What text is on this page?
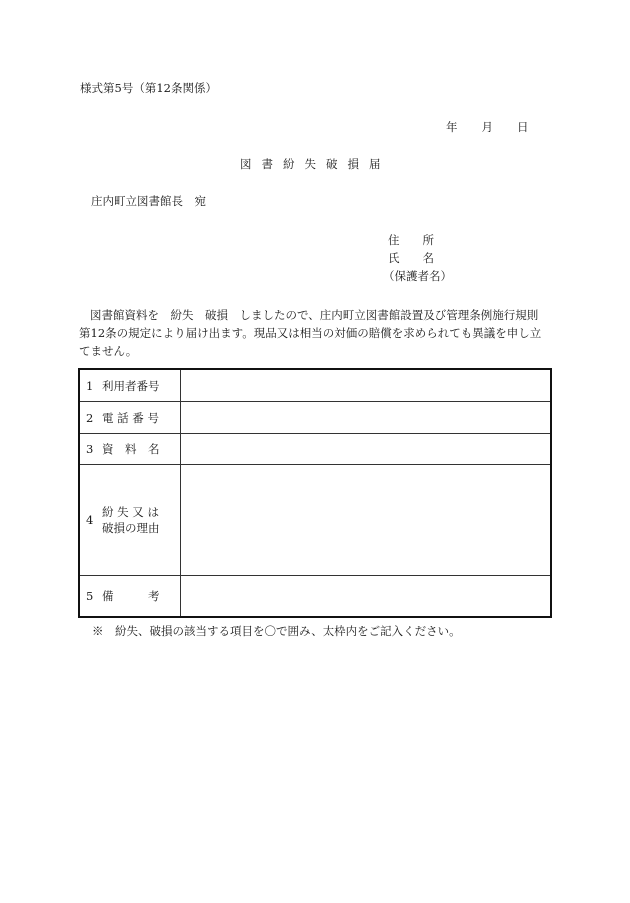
様式第5号（第12条関係）
年 月 日
図書紛失破損届
庄内町立図書館長　宛
住　　所
氏　　名
（保護者名）

図書館資料を　紛失　破損　しましたので、庄内町立図書館設置及び管理条例施行規則

第12条の規定により届け出ます。現品又は相当の対価の賠償を求められても異議を申し立

てません。

1 利用者番号
2 電 話 番 号
3 資　料　名
4
紛 失 又 は
破損の理由
5 備　　　考
※　紛失、破損の該当する項目を〇で囲み、太枠内をご記入ください。
